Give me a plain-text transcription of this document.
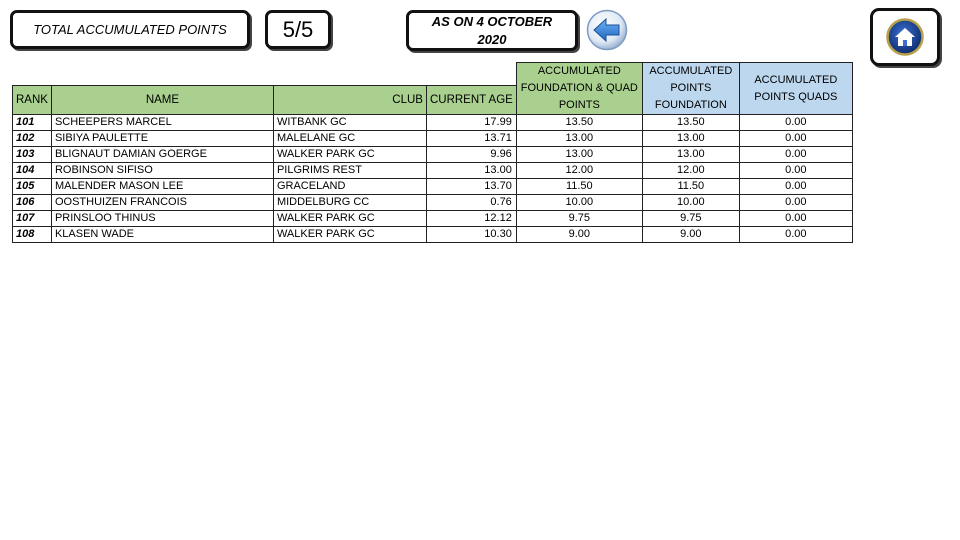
TOTAL ACCUMULATED POINTS	5/5	AS ON 4 OCTOBER
2020
				ACCUMULATED FOUNDATION & QUAD POINTS	ACCUMULATED POINTS FOUNDATION	ACCUMULATED POINTS QUADS
RANK	NAME	CLUB	CURRENT AGE			
101	SCHEEPERS MARCEL	WITBANK GC	17.99	13.50	13.50	0.00
102	SIBIYA PAULETTE	MALELANE GC	13.71	13.00	13.00	0.00
103	BLIGNAUT DAMIAN GOERGE	WALKER PARK GC	9.96	13.00	13.00	0.00
104	ROBINSON SIFISO	PILGRIMS REST	13.00	12.00	12.00	0.00
105	MALENDER MASON LEE	GRACELAND	13.70	11.50	11.50	0.00
106	OOSTHUIZEN FRANCOIS	MIDDELBURG CC	0.76	10.00	10.00	0.00
107	PRINSLOO THINUS	WALKER PARK GC	12.12	9.75	9.75	0.00
108	KLASEN WADE	WALKER PARK GC	10.30	9.00	9.00	0.00
